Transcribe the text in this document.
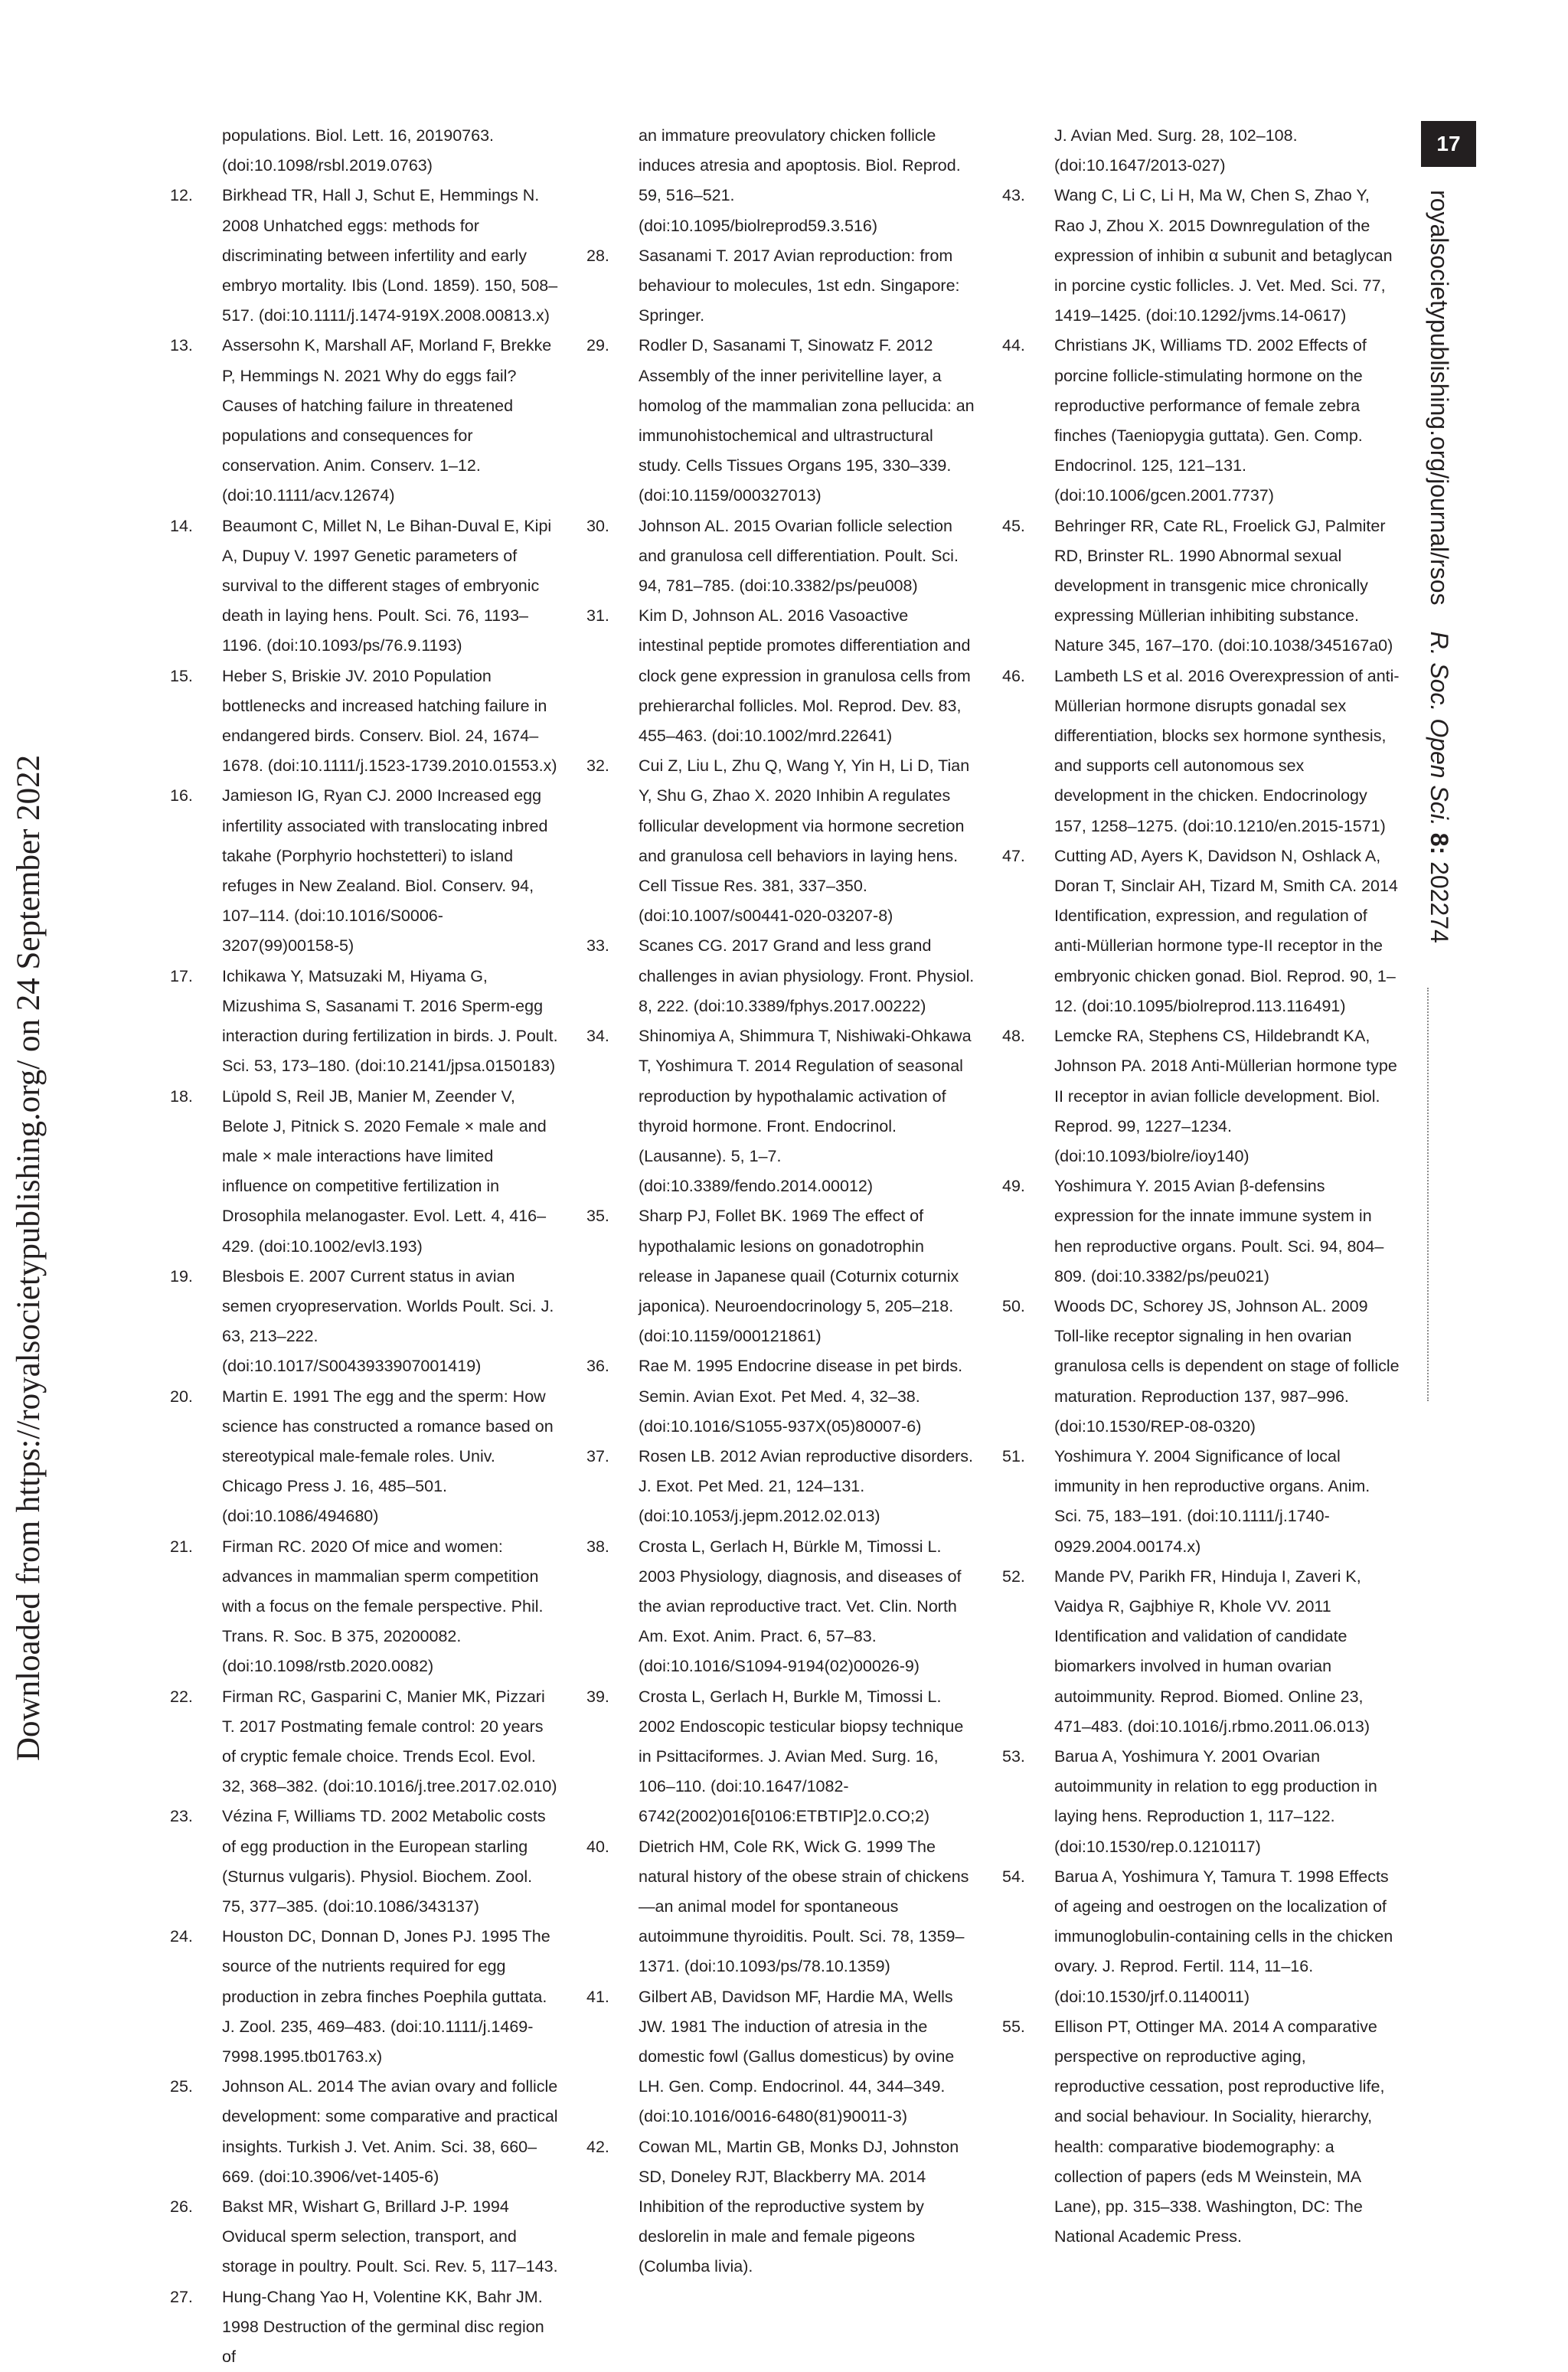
Downloaded from https://royalsocietypublishing.org/ on 24 September 2022
17
royalsocietypublishing.org/journal/rsosR. Soc. Open Sci. 8: 202274
populations. Biol. Lett. 16, 20190763. (doi:10.1098/rsbl.2019.0763)
12. Birkhead TR, Hall J, Schut E, Hemmings N. 2008 Unhatched eggs: methods for discriminating between infertility and early embryo mortality. Ibis (Lond. 1859). 150, 508–517. (doi:10.1111/j.1474-919X.2008.00813.x)
13. Assersohn K, Marshall AF, Morland F, Brekke P, Hemmings N. 2021 Why do eggs fail? Causes of hatching failure in threatened populations and consequences for conservation. Anim. Conserv. 1–12. (doi:10.1111/acv.12674)
14. Beaumont C, Millet N, Le Bihan-Duval E, Kipi A, Dupuy V. 1997 Genetic parameters of survival to the different stages of embryonic death in laying hens. Poult. Sci. 76, 1193–1196. (doi:10.1093/ps/76.9.1193)
15. Heber S, Briskie JV. 2010 Population bottlenecks and increased hatching failure in endangered birds. Conserv. Biol. 24, 1674–1678. (doi:10.1111/j.1523-1739.2010.01553.x)
16. Jamieson IG, Ryan CJ. 2000 Increased egg infertility associated with translocating inbred takahe (Porphyrio hochstetteri) to island refuges in New Zealand. Biol. Conserv. 94, 107–114. (doi:10.1016/S0006-3207(99)00158-5)
17. Ichikawa Y, Matsuzaki M, Hiyama G, Mizushima S, Sasanami T. 2016 Sperm-egg interaction during fertilization in birds. J. Poult. Sci. 53, 173–180. (doi:10.2141/jpsa.0150183)
18. Lüpold S, Reil JB, Manier M, Zeender V, Belote J, Pitnick S. 2020 Female × male and male × male interactions have limited influence on competitive fertilization in Drosophila melanogaster. Evol. Lett. 4, 416–429. (doi:10.1002/evl3.193)
19. Blesbois E. 2007 Current status in avian semen cryopreservation. Worlds Poult. Sci. J. 63, 213–222. (doi:10.1017/S0043933907001419)
20. Martin E. 1991 The egg and the sperm: How science has constructed a romance based on stereotypical male-female roles. Univ. Chicago Press J. 16, 485–501. (doi:10.1086/494680)
21. Firman RC. 2020 Of mice and women: advances in mammalian sperm competition with a focus on the female perspective. Phil. Trans. R. Soc. B 375, 20200082. (doi:10.1098/rstb.2020.0082)
22. Firman RC, Gasparini C, Manier MK, Pizzari T. 2017 Postmating female control: 20 years of cryptic female choice. Trends Ecol. Evol. 32, 368–382. (doi:10.1016/j.tree.2017.02.010)
23. Vézina F, Williams TD. 2002 Metabolic costs of egg production in the European starling (Sturnus vulgaris). Physiol. Biochem. Zool. 75, 377–385. (doi:10.1086/343137)
24. Houston DC, Donnan D, Jones PJ. 1995 The source of the nutrients required for egg production in zebra finches Poephila guttata. J. Zool. 235, 469–483. (doi:10.1111/j.1469-7998.1995.tb01763.x)
25. Johnson AL. 2014 The avian ovary and follicle development: some comparative and practical insights. Turkish J. Vet. Anim. Sci. 38, 660–669. (doi:10.3906/vet-1405-6)
26. Bakst MR, Wishart G, Brillard J-P. 1994 Oviducal sperm selection, transport, and storage in poultry. Poult. Sci. Rev. 5, 117–143.
27. Hung-Chang Yao H, Volentine KK, Bahr JM. 1998 Destruction of the germinal disc region of
an immature preovulatory chicken follicle induces atresia and apoptosis. Biol. Reprod. 59, 516–521. (doi:10.1095/biolreprod59.3.516)
28. Sasanami T. 2017 Avian reproduction: from behaviour to molecules, 1st edn. Singapore: Springer.
29. Rodler D, Sasanami T, Sinowatz F. 2012 Assembly of the inner perivitelline layer, a homolog of the mammalian zona pellucida: an immunohistochemical and ultrastructural study. Cells Tissues Organs 195, 330–339. (doi:10.1159/000327013)
30. Johnson AL. 2015 Ovarian follicle selection and granulosa cell differentiation. Poult. Sci. 94, 781–785. (doi:10.3382/ps/peu008)
31. Kim D, Johnson AL. 2016 Vasoactive intestinal peptide promotes differentiation and clock gene expression in granulosa cells from prehierarchal follicles. Mol. Reprod. Dev. 83, 455–463. (doi:10.1002/mrd.22641)
32. Cui Z, Liu L, Zhu Q, Wang Y, Yin H, Li D, Tian Y, Shu G, Zhao X. 2020 Inhibin A regulates follicular development via hormone secretion and granulosa cell behaviors in laying hens. Cell Tissue Res. 381, 337–350. (doi:10.1007/s00441-020-03207-8)
33. Scanes CG. 2017 Grand and less grand challenges in avian physiology. Front. Physiol. 8, 222. (doi:10.3389/fphys.2017.00222)
34. Shinomiya A, Shimmura T, Nishiwaki-Ohkawa T, Yoshimura T. 2014 Regulation of seasonal reproduction by hypothalamic activation of thyroid hormone. Front. Endocrinol. (Lausanne). 5, 1–7. (doi:10.3389/fendo.2014.00012)
35. Sharp PJ, Follet BK. 1969 The effect of hypothalamic lesions on gonadotrophin release in Japanese quail (Coturnix coturnix japonica). Neuroendocrinology 5, 205–218. (doi:10.1159/000121861)
36. Rae M. 1995 Endocrine disease in pet birds. Semin. Avian Exot. Pet Med. 4, 32–38. (doi:10.1016/S1055-937X(05)80007-6)
37. Rosen LB. 2012 Avian reproductive disorders. J. Exot. Pet Med. 21, 124–131. (doi:10.1053/j.jepm.2012.02.013)
38. Crosta L, Gerlach H, Bürkle M, Timossi L. 2003 Physiology, diagnosis, and diseases of the avian reproductive tract. Vet. Clin. North Am. Exot. Anim. Pract. 6, 57–83. (doi:10.1016/S1094-9194(02)00026-9)
39. Crosta L, Gerlach H, Burkle M, Timossi L. 2002 Endoscopic testicular biopsy technique in Psittaciformes. J. Avian Med. Surg. 16, 106–110. (doi:10.1647/1082-6742(2002)016[0106:ETBTIP]2.0.CO;2)
40. Dietrich HM, Cole RK, Wick G. 1999 The natural history of the obese strain of chickens—an animal model for spontaneous autoimmune thyroiditis. Poult. Sci. 78, 1359–1371. (doi:10.1093/ps/78.10.1359)
41. Gilbert AB, Davidson MF, Hardie MA, Wells JW. 1981 The induction of atresia in the domestic fowl (Gallus domesticus) by ovine LH. Gen. Comp. Endocrinol. 44, 344–349. (doi:10.1016/0016-6480(81)90011-3)
42. Cowan ML, Martin GB, Monks DJ, Johnston SD, Doneley RJT, Blackberry MA. 2014 Inhibition of the reproductive system by deslorelin in male and female pigeons (Columba livia).
J. Avian Med. Surg. 28, 102–108. (doi:10.1647/2013-027)
43. Wang C, Li C, Li H, Ma W, Chen S, Zhao Y, Rao J, Zhou X. 2015 Downregulation of the expression of inhibin α subunit and betaglycan in porcine cystic follicles. J. Vet. Med. Sci. 77, 1419–1425. (doi:10.1292/jvms.14-0617)
44. Christians JK, Williams TD. 2002 Effects of porcine follicle-stimulating hormone on the reproductive performance of female zebra finches (Taeniopygia guttata). Gen. Comp. Endocrinol. 125, 121–131. (doi:10.1006/gcen.2001.7737)
45. Behringer RR, Cate RL, Froelick GJ, Palmiter RD, Brinster RL. 1990 Abnormal sexual development in transgenic mice chronically expressing Müllerian inhibiting substance. Nature 345, 167–170. (doi:10.1038/345167a0)
46. Lambeth LS et al. 2016 Overexpression of anti-Müllerian hormone disrupts gonadal sex differentiation, blocks sex hormone synthesis, and supports cell autonomous sex development in the chicken. Endocrinology 157, 1258–1275. (doi:10.1210/en.2015-1571)
47. Cutting AD, Ayers K, Davidson N, Oshlack A, Doran T, Sinclair AH, Tizard M, Smith CA. 2014 Identification, expression, and regulation of anti-Müllerian hormone type-II receptor in the embryonic chicken gonad. Biol. Reprod. 90, 1–12. (doi:10.1095/biolreprod.113.116491)
48. Lemcke RA, Stephens CS, Hildebrandt KA, Johnson PA. 2018 Anti-Müllerian hormone type II receptor in avian follicle development. Biol. Reprod. 99, 1227–1234. (doi:10.1093/biolre/ioy140)
49. Yoshimura Y. 2015 Avian β-defensins expression for the innate immune system in hen reproductive organs. Poult. Sci. 94, 804–809. (doi:10.3382/ps/peu021)
50. Woods DC, Schorey JS, Johnson AL. 2009 Toll-like receptor signaling in hen ovarian granulosa cells is dependent on stage of follicle maturation. Reproduction 137, 987–996. (doi:10.1530/REP-08-0320)
51. Yoshimura Y. 2004 Significance of local immunity in hen reproductive organs. Anim. Sci. 75, 183–191. (doi:10.1111/j.1740-0929.2004.00174.x)
52. Mande PV, Parikh FR, Hinduja I, Zaveri K, Vaidya R, Gajbhiye R, Khole VV. 2011 Identification and validation of candidate biomarkers involved in human ovarian autoimmunity. Reprod. Biomed. Online 23, 471–483. (doi:10.1016/j.rbmo.2011.06.013)
53. Barua A, Yoshimura Y. 2001 Ovarian autoimmunity in relation to egg production in laying hens. Reproduction 1, 117–122. (doi:10.1530/rep.0.1210117)
54. Barua A, Yoshimura Y, Tamura T. 1998 Effects of ageing and oestrogen on the localization of immunoglobulin-containing cells in the chicken ovary. J. Reprod. Fertil. 114, 11–16. (doi:10.1530/jrf.0.1140011)
55. Ellison PT, Ottinger MA. 2014 A comparative perspective on reproductive aging, reproductive cessation, post reproductive life, and social behaviour. In Sociality, hierarchy, health: comparative biodemography: a collection of papers (eds M Weinstein, MA Lane), pp. 315–338. Washington, DC: The National Academic Press.
